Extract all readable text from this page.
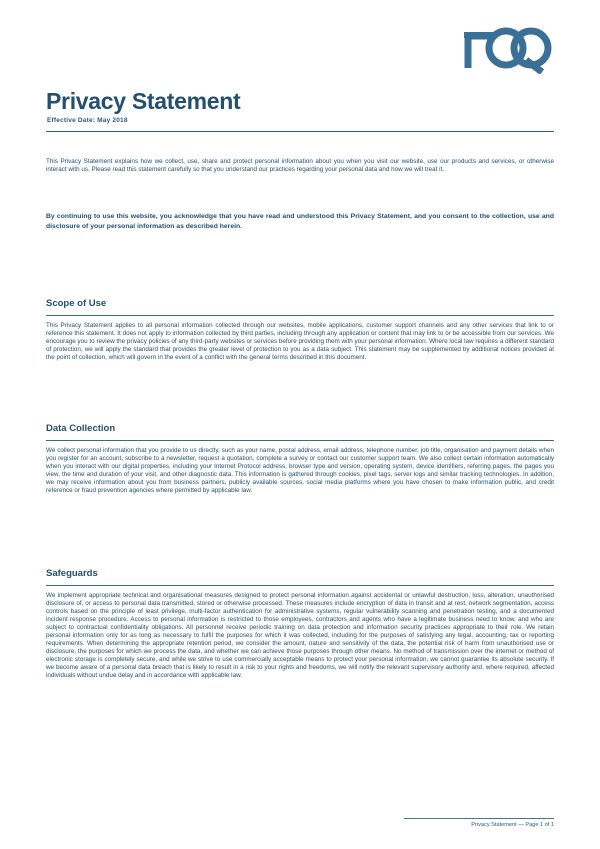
Privacy Statement
Effective Date: May 2018
This Privacy Statement explains how we collect, use, share and protect personal information about you when you visit our website, use our products and services, or otherwise interact with us. Please read this statement carefully so that you understand our practices regarding your personal data and how we will treat it.
By continuing to use this website, you acknowledge that you have read and understood this Privacy Statement, and you consent to the collection, use and disclosure of your personal information as described herein.
Scope of Use
This Privacy Statement applies to all personal information collected through our websites, mobile applications, customer support channels and any other services that link to or reference this statement. It does not apply to information collected by third parties, including through any application or content that may link to or be accessible from our services. We encourage you to review the privacy policies of any third-party websites or services before providing them with your personal information. Where local law requires a different standard of protection, we will apply the standard that provides the greater level of protection to you as a data subject. This statement may be supplemented by additional notices provided at the point of collection, which will govern in the event of a conflict with the general terms described in this document.
Data Collection
We collect personal information that you provide to us directly, such as your name, postal address, email address, telephone number, job title, organisation and payment details when you register for an account, subscribe to a newsletter, request a quotation, complete a survey or contact our customer support team. We also collect certain information automatically when you interact with our digital properties, including your Internet Protocol address, browser type and version, operating system, device identifiers, referring pages, the pages you view, the time and duration of your visit, and other diagnostic data. This information is gathered through cookies, pixel tags, server logs and similar tracking technologies. In addition, we may receive information about you from business partners, publicly available sources, social media platforms where you have chosen to make information public, and credit reference or fraud prevention agencies where permitted by applicable law.
Safeguards
We implement appropriate technical and organisational measures designed to protect personal information against accidental or unlawful destruction, loss, alteration, unauthorised disclosure of, or access to personal data transmitted, stored or otherwise processed. These measures include encryption of data in transit and at rest, network segmentation, access controls based on the principle of least privilege, multi-factor authentication for administrative systems, regular vulnerability scanning and penetration testing, and a documented incident response procedure. Access to personal information is restricted to those employees, contractors and agents who have a legitimate business need to know, and who are subject to contractual confidentiality obligations. All personnel receive periodic training on data protection and information security practices appropriate to their role. We retain personal information only for as long as necessary to fulfil the purposes for which it was collected, including for the purposes of satisfying any legal, accounting, tax or reporting requirements. When determining the appropriate retention period, we consider the amount, nature and sensitivity of the data, the potential risk of harm from unauthorised use or disclosure, the purposes for which we process the data, and whether we can achieve those purposes through other means. No method of transmission over the internet or method of electronic storage is completely secure, and while we strive to use commercially acceptable means to protect your personal information, we cannot guarantee its absolute security. If we become aware of a personal data breach that is likely to result in a risk to your rights and freedoms, we will notify the relevant supervisory authority and, where required, affected individuals without undue delay and in accordance with applicable law.
Privacy Statement — Page 1 of 1
